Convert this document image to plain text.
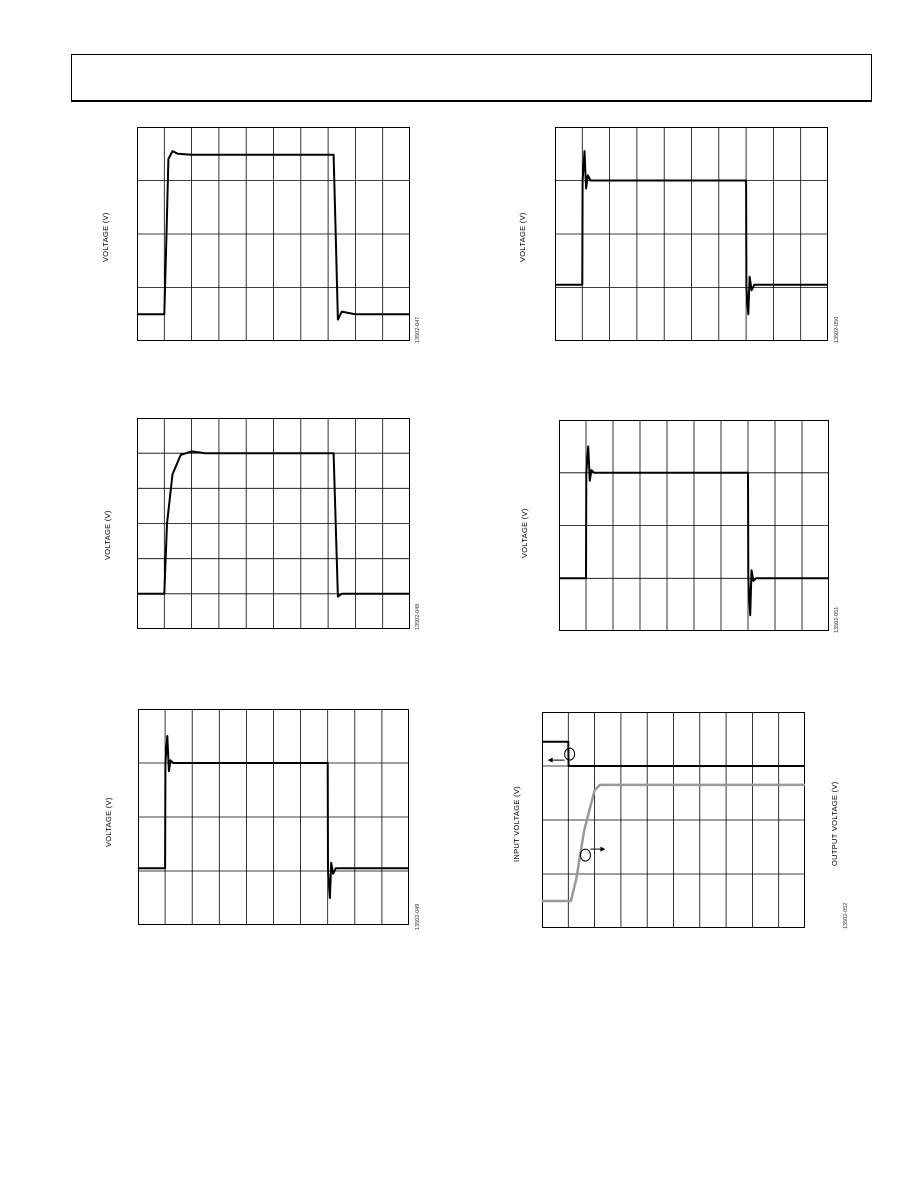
VOLTAGE (V)
13502-047
VOLTAGE (V)
13502-050
VOLTAGE (V)
13502-048
VOLTAGE (V)
13502-051
VOLTAGE (V)
13502-049
INPUT VOLTAGE (V)	OUTPUT VOLTAGE (V)
13502-052
